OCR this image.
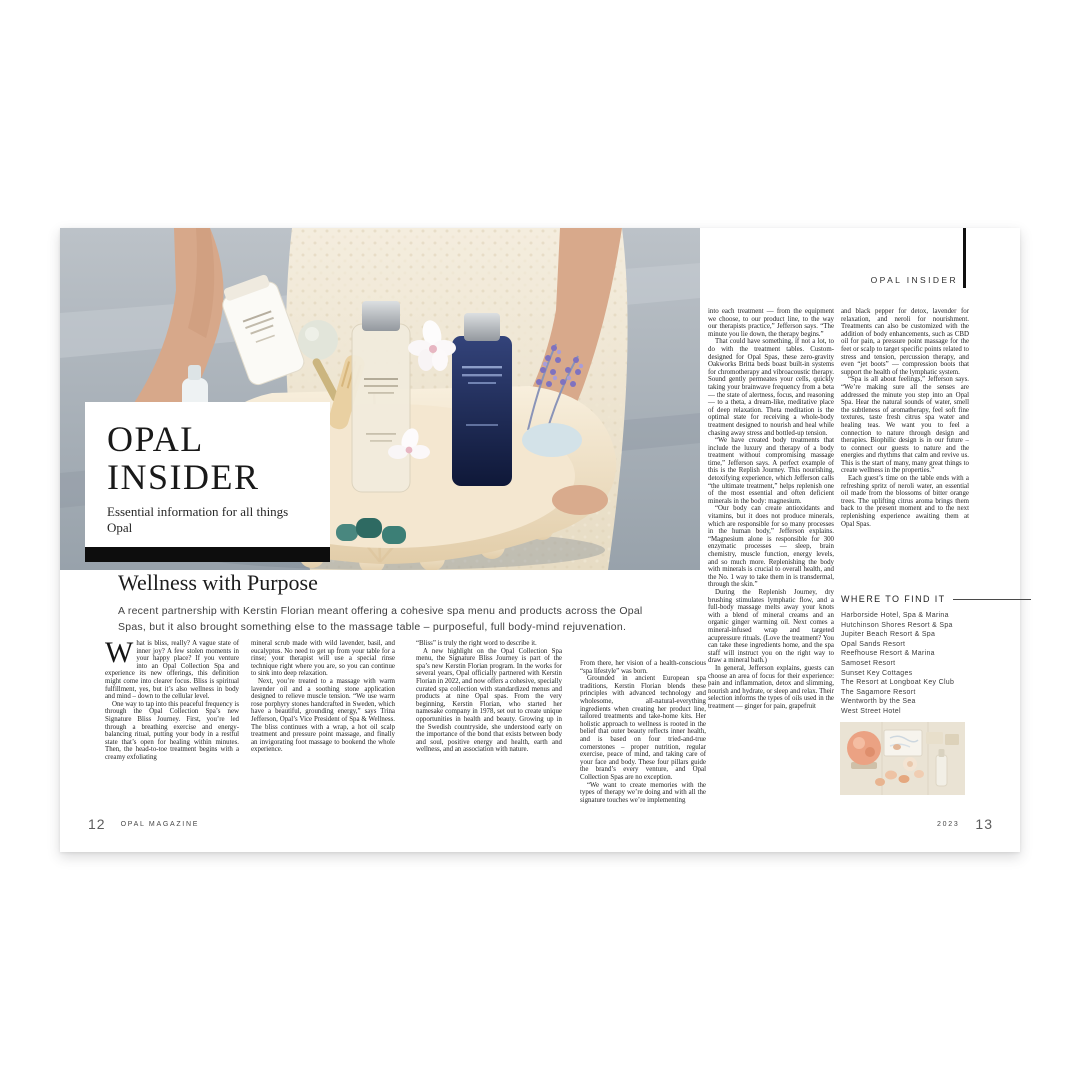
OPAL
INSIDER
Essential information for all things Opal
OPAL INSIDER
Wellness with Purpose
A recent partnership with Kerstin Florian meant offering a cohesive spa menu and products across the Opal Spas, but it also brought something else to the massage table – purposeful, full body-mind rejuvenation.

What is bliss, really? A vague state of inner joy? A few stolen moments in your happy place? If you venture into an Opal Collection Spa and experience its new offerings, this definition might come into clearer focus. Bliss is spiritual fulfillment, yes, but it’s also wellness in body and mind – down to the cellular level.

One way to tap into this peaceful frequency is through the Opal Collection Spa’s new Signature Bliss Journey. First, you’re led through a breathing exercise and energy-balancing ritual, putting your body in a restful state that’s open for healing within minutes. Then, the head-to-toe treatment begins with a creamy exfoliating

mineral scrub made with wild lavender, basil, and eucalyptus. No need to get up from your table for a rinse; your therapist will use a special rinse technique right where you are, so you can continue to sink into deep relaxation.

Next, you’re treated to a massage with warm lavender oil and a soothing stone application designed to relieve muscle tension. “We use warm rose porphyry stones handcrafted in Sweden, which have a beautiful, grounding energy,” says Trina Jefferson, Opal’s Vice President of Spa & Wellness. The bliss continues with a wrap, a hot oil scalp treatment and pressure point massage, and finally an invigorating foot massage to bookend the whole experience.

“Bliss” is truly the right word to describe it.

A new highlight on the Opal Collection Spa menu, the Signature Bliss Journey is part of the spa’s new Kerstin Florian program. In the works for several years, Opal officially partnered with Kerstin Florian in 2022, and now offers a cohesive, specially curated spa collection with standardized menus and products at nine Opal spas. From the very beginning, Kerstin Florian, who started her namesake company in 1978, set out to create unique opportunities in health and beauty. Growing up in the Swedish countryside, she understood early on the importance of the bond that exists between body and soul, positive energy and health, earth and wellness, and an association with nature.

From there, her vision of a health-conscious “spa lifestyle” was born.

Grounded in ancient European spa traditions, Kerstin Florian blends these principles with advanced technology and wholesome, all-natural-everything ingredients when creating her product line, tailored treatments and take-home kits. Her holistic approach to wellness is rooted in the belief that outer beauty reflects inner health, and is based on four tried-and-true cornerstones – proper nutrition, regular exercise, peace of mind, and taking care of your face and body. These four pillars guide the brand’s every venture, and Opal Collection Spas are no exception.

“We want to create memories with the types of therapy we’re doing and with all the signature touches we’re implementing

into each treatment — from the equipment we choose, to our product line, to the way our therapists practice,” Jefferson says. “The minute you lie down, the therapy begins.”

That could have something, if not a lot, to do with the treatment tables. Custom-designed for Opal Spas, these zero-gravity Oakworks Britta beds boast built-in systems for chromotherapy and vibroacoustic therapy. Sound gently permeates your cells, quickly taking your brainwave frequency from a beta — the state of alertness, focus, and reasoning — to a theta, a dream-like, meditative place of deep relaxation. Theta meditation is the optimal state for receiving a whole-body treatment designed to nourish and heal while chasing away stress and bottled-up tension.

“We have created body treatments that include the luxury and therapy of a body treatment without compromising massage time,” Jefferson says. A perfect example of this is the Replish Journey. This nourishing, detoxifying experience, which Jefferson calls “the ultimate treatment,” helps replenish one of the most essential and often deficient minerals in the body: magnesium.

“Our body can create antioxidants and vitamins, but it does not produce minerals, which are responsible for so many processes in the human body,” Jefferson explains. “Magnesium alone is responsible for 300 enzymatic processes — sleep, brain chemistry, muscle function, energy levels, and so much more. Replenishing the body with minerals is crucial to overall health, and the No. 1 way to take them in is transdermal, through the skin.”

During the Replenish Journey, dry brushing stimulates lymphatic flow, and a full-body massage melts away your knots with a blend of mineral creams and an organic ginger warming oil. Next comes a mineral-infused wrap and targeted acupressure rituals. (Love the treatment? You can take these ingredients home, and the spa staff will instruct you on the right way to draw a mineral bath.)

In general, Jefferson explains, guests can choose an area of focus for their experience: pain and inflammation, detox and slimming, nourish and hydrate, or sleep and relax. Their selection informs the types of oils used in the treatment — ginger for pain, grapefruit

and black pepper for detox, lavender for relaxation, and neroli for nourishment. Treatments can also be customized with the addition of body enhancements, such as CBD oil for pain, a pressure point massage for the feet or scalp to target specific points related to stress and tension, percussion therapy, and even “jet boots” — compression boots that support the health of the lymphatic system.

“Spa is all about feelings,” Jefferson says. “We’re making sure all the senses are addressed the minute you step into an Opal Spa. Hear the natural sounds of water, smell the subtleness of aromatherapy, feel soft fine textures, taste fresh citrus spa water and healing teas. We want you to feel a connection to nature through design and therapies. Biophilic design is in our future – to connect our guests to nature and the energies and rhythms that calm and revive us. This is the start of many, many great things to create wellness in the properties.”

Each guest’s time on the table ends with a refreshing spritz of neroli water, an essential oil made from the blossoms of bitter orange trees. The uplifting citrus aroma brings them back to the present moment and to the next replenishing experience awaiting them at Opal Spas.

WHERE TO FIND IT
Harborside Hotel, Spa & Marina
Hutchinson Shores Resort & Spa
Jupiter Beach Resort & Spa
Opal Sands Resort
Reefhouse Resort & Marina
Samoset Resort
Sunset Key Cottages
The Resort at Longboat Key Club
The Sagamore Resort
Wentworth by the Sea
West Street Hotel
12 OPAL MAGAZINE	2023 13
